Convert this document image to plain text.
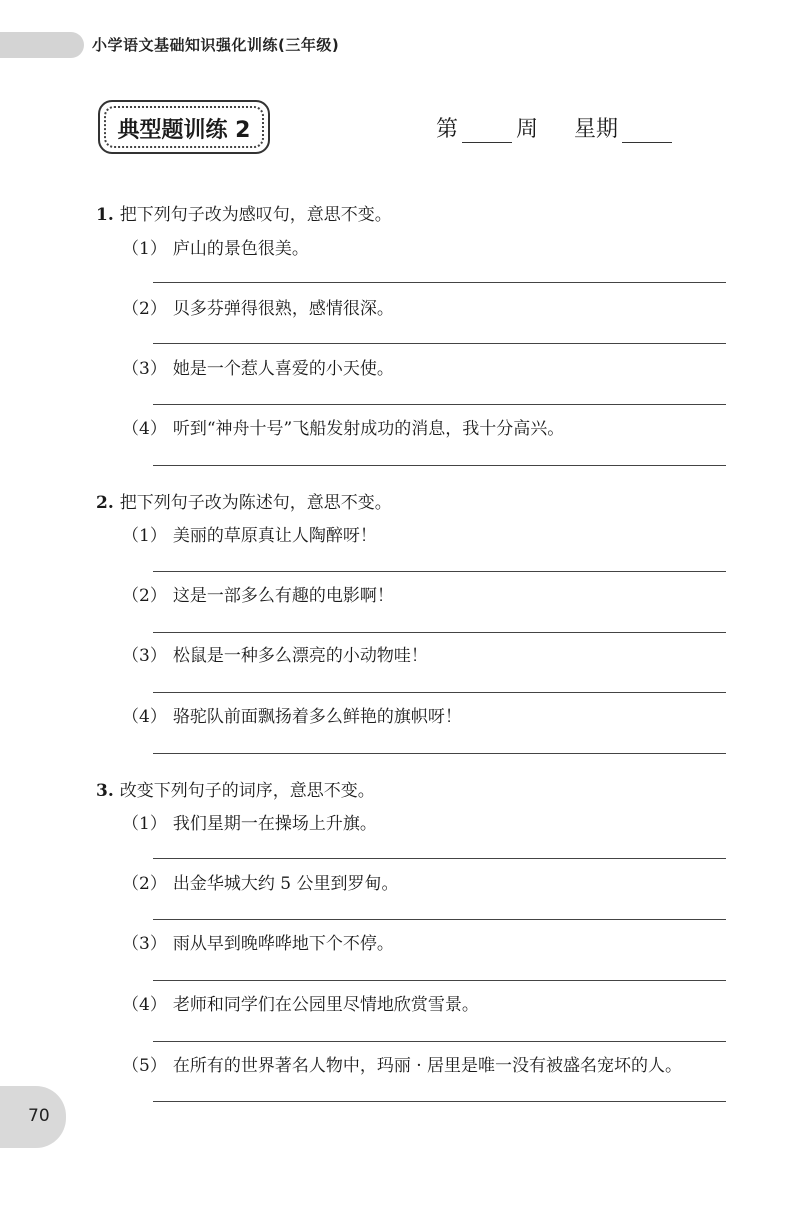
小学语文基础知识强化训练(三年级)
典型题训练 2	第	周 星期
1. 把下列句子改为感叹句，意思不变。
（1） 庐山的景色很美。
（2） 贝多芬弹得很熟，感情很深。
（3） 她是一个惹人喜爱的小天使。
（4） 听到“神舟十号”飞船发射成功的消息，我十分高兴。
2. 把下列句子改为陈述句，意思不变。
（1） 美丽的草原真让人陶醉呀！
（2） 这是一部多么有趣的电影啊！
（3） 松鼠是一种多么漂亮的小动物哇！
（4） 骆驼队前面飘扬着多么鲜艳的旗帜呀！
3. 改变下列句子的词序，意思不变。
（1） 我们星期一在操场上升旗。
（2） 出金华城大约 5 公里到罗甸。
（3） 雨从早到晚哗哗地下个不停。
（4） 老师和同学们在公园里尽情地欣赏雪景。
（5） 在所有的世界著名人物中，玛丽 · 居里是唯一没有被盛名宠坏的人。
70
